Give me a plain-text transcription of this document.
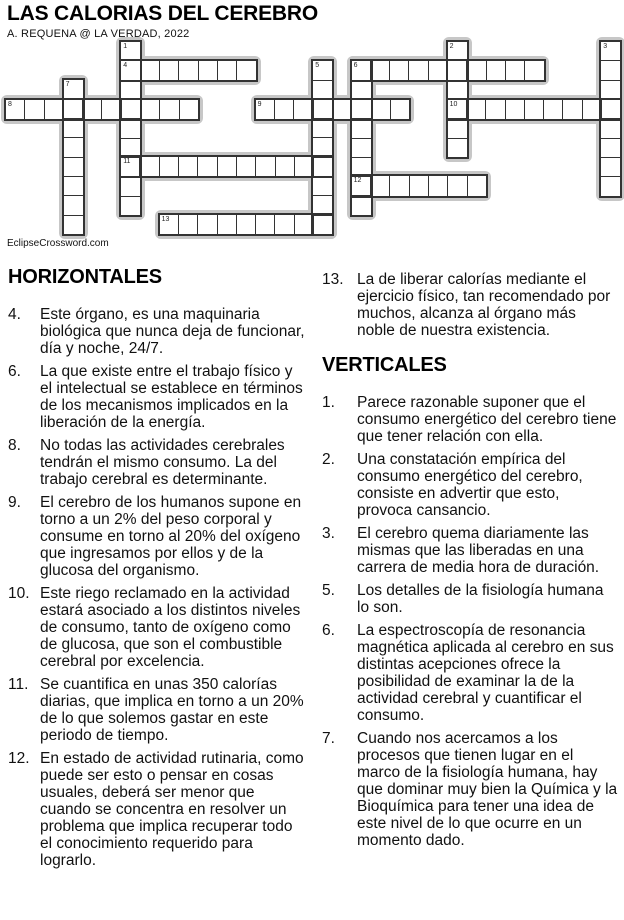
1	2	3
4	5	6
7
8	9	10
11
12
13
LAS CALORIAS DEL CEREBRO
A. REQUENA @ LA VERDAD, 2022
EclipseCrossword.com
HORIZONTALES
4.	Este órgano, es una maquinaria biológica que nunca deja de funcionar, día y noche, 24/7.
6.	La que existe entre el trabajo físico y el intelectual se establece en términos de los mecanismos implicados en la liberación de la energía.
8.	No todas las actividades cerebrales tendrán el mismo consumo. La del trabajo cerebral es determinante.
9.	El cerebro de los humanos supone en torno a un 2% del peso corporal y consume en torno al 20% del oxígeno que ingresamos por ellos y de la glucosa del organismo.
10. Este riego reclamado en la actividad estará asociado a los distintos niveles de consumo, tanto de oxígeno como de glucosa, que son el combustible cerebral por excelencia.
11. Se cuantifica en unas 350 calorías diarias, que implica en torno a un 20% de lo que solemos gastar en este periodo de tiempo.
12. En estado de actividad rutinaria, como puede ser esto o pensar en cosas usuales, deberá ser menor que cuando se concentra en resolver un problema que implica recuperar todo el conocimiento requerido para lograrlo.
13. La de liberar calorías mediante el ejercicio físico, tan recomendado por muchos, alcanza al órgano más noble de nuestra existencia.
VERTICALES
1.	Parece razonable suponer que el consumo energético del cerebro tiene que tener relación con ella.
2.	Una constatación empírica del consumo energético del cerebro, consiste en advertir que esto, provoca cansancio.
3.	El cerebro quema diariamente las mismas que las liberadas en una carrera de media hora de duración.
5.	Los detalles de la fisiología humana lo son.
6.	La espectroscopía de resonancia magnética aplicada al cerebro en sus distintas acepciones ofrece la posibilidad de examinar la de la actividad cerebral y cuantificar el consumo.
7.	Cuando nos acercamos a los procesos que tienen lugar en el marco de la fisiología humana, hay que dominar muy bien la Química y la Bioquímica para tener una idea de este nivel de lo que ocurre en un momento dado.
